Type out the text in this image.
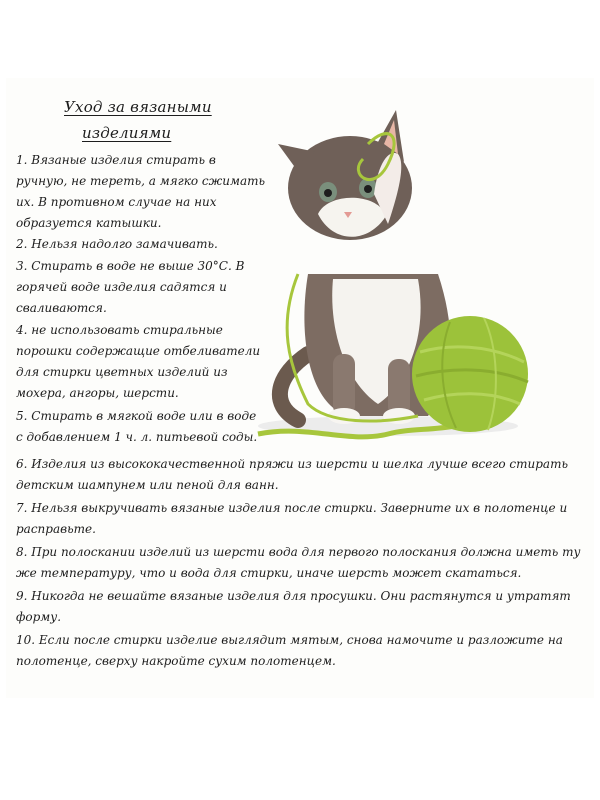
Уход за вязаными
изделиями
1. Вязаные изделия стирать в
ручную, не тереть, а мягко сжимать
их. В противном случае на них
образуется катышки.
2. Нельзя надолго замачивать.
3. Стирать в воде не выше 30°С. В
горячей воде изделия садятся и
сваливаются.
4. не использовать стиральные
порошки содержащие отбеливатели
для стирки цветных изделий из
мохера, ангоры, шерсти.
5. Стирать в мягкой воде или в воде
с добавлением 1 ч. л. питьевой соды.
6. Изделия из высококачественной пряжи из шерсти и шелка лучше всего стирать
детским шампунем или пеной для ванн.
7. Нельзя выкручивать вязаные изделия после стирки. Заверните их в полотенце и
расправьте.
8. При полоскании изделий из шерсти вода для первого полоскания должна иметь ту
же температуру, что и вода для стирки, иначе шерсть может скататься.
9. Никогда не вешайте вязаные изделия для просушки. Они растянутся и утратят
форму.
10. Если после стирки изделие выглядит мятым, снова намочите и разложите на
полотенце, сверху накройте сухим полотенцем.
